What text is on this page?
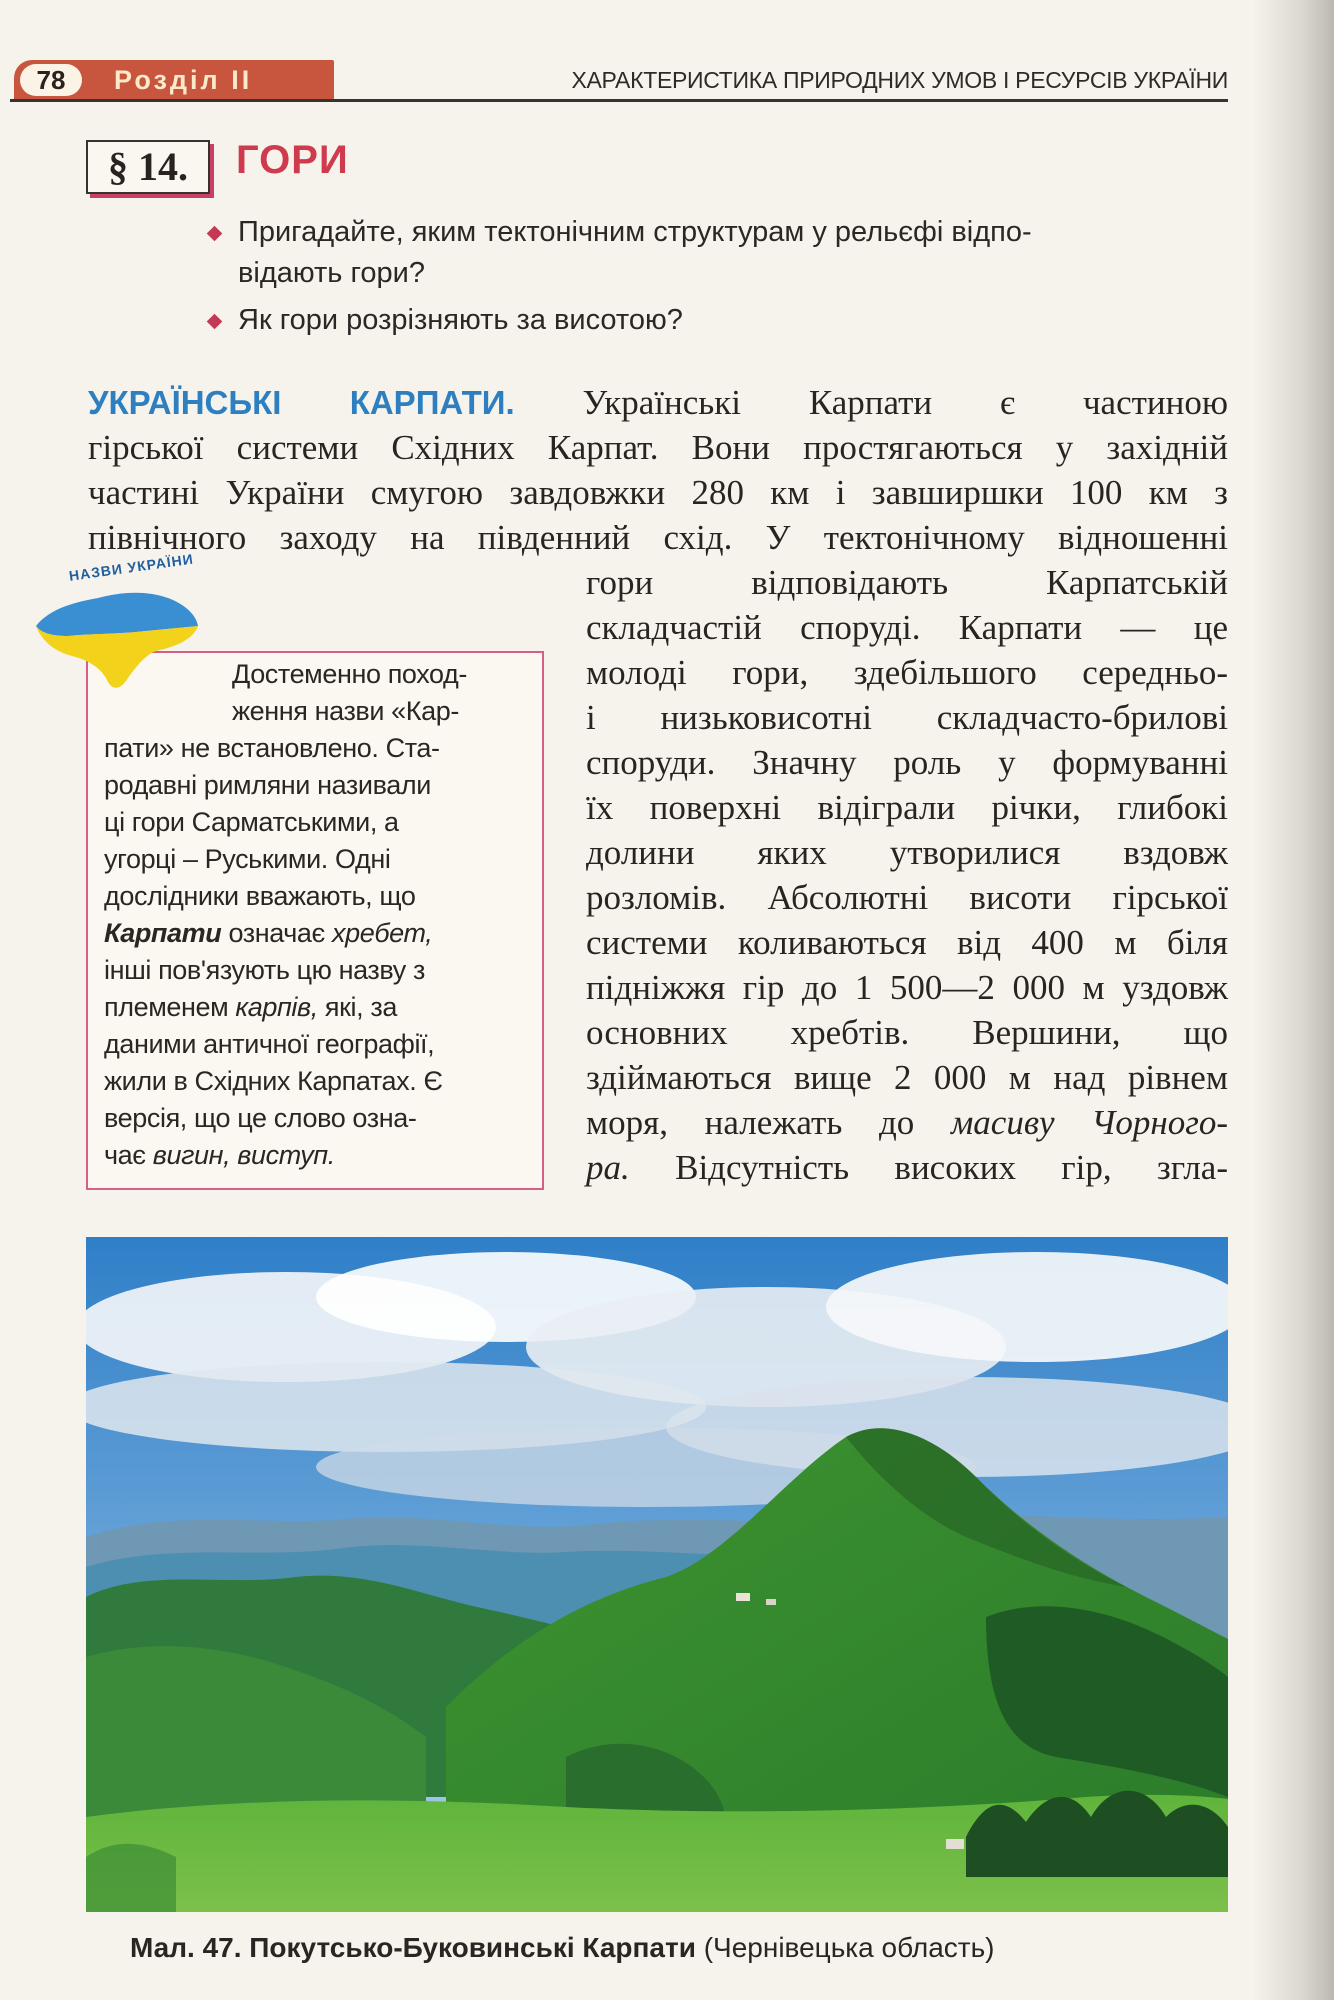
78	Розділ II	ХАРАКТЕРИСТИКА ПРИРОДНИХ УМОВ І РЕСУРСІВ УКРАЇНИ
§ 14.	ГОРИ
Пригадайте, яким тектонічним структурам у рельєфі відпо-
відають гори?
Як гори розрізняють за висотою?
УКРАЇНСЬКІ КАРПАТИ. Українські Карпати є частиною
гірської системи Східних Карпат. Вони простягаються у західній
частині України смугою завдовжки 280 км і завширшки 100 км з
північного заходу на південний схід. У тектонічному відношенні
гори відповідають Карпатській
складчастій споруді. Карпати — це
молоді гори, здебільшого середньо-
і низьковисотні складчасто-брилові
споруди. Значну роль у формуванні
їх поверхні відіграли річки, глибокі
долини яких утворилися вздовж
розломів. Абсолютні висоти гірської
системи коливаються від 400 м біля
підніжжя гір до 1 500—2 000 м уздовж
основних хребтів. Вершини, що
здіймаються вище 2 000 м над рівнем
моря, належать до масиву Чорного-
ра. Відсутність високих гір, згла-
НАЗВИ УКРАЇНИ
Достеменно поход-
ження назви «Кар-
пати» не встановлено. Ста-
родавні римляни називали
ці гори Сарматськими, а
угорці – Руськими. Одні
дослідники вважають, що
Карпати означає хребет,
інші пов'язують цю назву з
племенем карпів, які, за
даними античної географії,
жили в Східних Карпатах. Є
версія, що це слово озна-
чає вигин, виступ.
Мал. 47. Покутсько-Буковинські Карпати (Чернівецька область)
